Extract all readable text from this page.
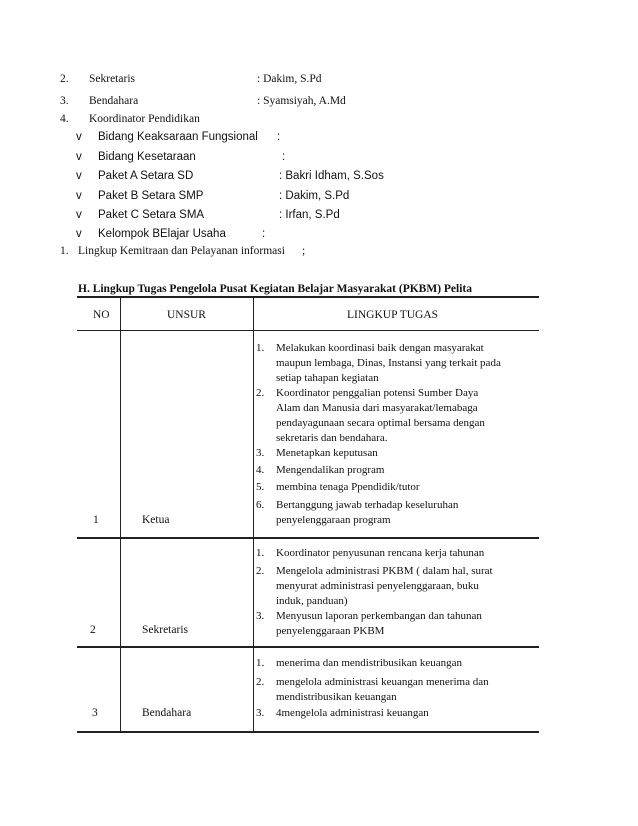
2. Sekretaris	: Dakim, S.Pd
3. Bendahara	: Syamsiyah, A.Md
4. Koordinator Pendidikan
v Bidang Keaksaraan Fungsional :
v Bidang Kesetaraan	:
v Paket A Setara SD	: Bakri Idham, S.Sos
v Paket B Setara SMP	: Dakim, S.Pd
v Paket C Setara SMA	: Irfan, S.Pd
v Kelompok BElajar Usaha	:
1. Lingkup Kemitraan dan Pelayanan informasi ;
H. Lingkup Tugas Pengelola Pusat Kegiatan Belajar Masyarakat (PKBM) Pelita
NO	UNSUR	LINGKUP TUGAS
1	Ketua
1. Melakukan koordinasi baik dengan masyarakat
maupun lembaga, Dinas, Instansi yang terkait pada
setiap tahapan kegiatan
2. Koordinator penggalian potensi Sumber Daya
Alam dan Manusia dari masyarakat/lemabaga
pendayagunaan secara optimal bersama dengan
sekretaris dan bendahara.
3. Menetapkan keputusan
4. Mengendalikan program
5. membina tenaga Ppendidik/tutor
6. Bertanggung jawab terhadap keseluruhan
penyelenggaraan program
2	Sekretaris
1. Koordinator penyusunan rencana kerja tahunan
2. Mengelola administrasi PKBM ( dalam hal, surat
menyurat administrasi penyelenggaraan, buku
induk, panduan)
3. Menyusun laporan perkembangan dan tahunan
penyelenggaraan PKBM
3	Bendahara
1. menerima dan mendistribusikan keuangan
2. mengelola administrasi keuangan menerima dan
mendistribusikan keuangan
3. 4mengelola administrasi keuangan
